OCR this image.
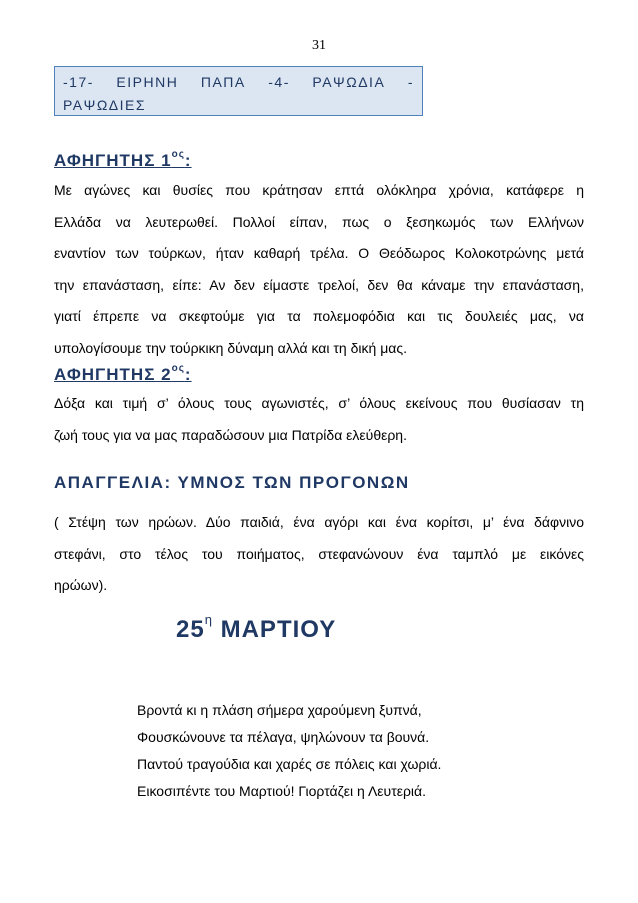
31
-17- ΕΙΡΗΝΗ ΠΑΠΑ -4- ΡΑΨΩΔΙΑ -
ΡΑΨΩΔΙΕΣ
ΑΦΗΓΗΤΗΣ $1^{o\varsigma}$:
Με αγώνες και θυσίες που κράτησαν επτά ολόκληρα χρόνια, κατάφερε η
Ελλάδα να λευτερωθεί. Πολλοί είπαν, πως ο ξεσηκωμός των Ελλήνων
εναντίον των τούρκων, ήταν καθαρή τρέλα. Ο Θεόδωρος Κολοκοτρώνης μετά
την επανάσταση, είπε: Αν δεν είμαστε τρελοί, δεν θα κάναμε την επανάσταση,
γιατί έπρεπε να σκεφτούμε για τα πολεμοφόδια και τις δουλειές μας, να
υπολογίσουμε την τούρκικη δύναμη αλλά και τη δική μας.
ΑΦΗΓΗΤΗΣ $2^{o\varsigma}$:
Δόξα και τιμή σ’ όλους τους αγωνιστές, σ’ όλους εκείνους που θυσίασαν τη
ζωή τους για να μας παραδώσουν μια Πατρίδα ελεύθερη.
ΑΠΑΓΓΕΛΙΑ: ΥΜΝΟΣ ΤΩΝ ΠΡΟΓΟΝΩΝ
( Στέψη των ηρώων. Δύο παιδιά, ένα αγόρι και ένα κορίτσι, μ’ ένα δάφνινο
στεφάνι, στο τέλος του ποιήματος, στεφανώνουν ένα ταμπλό με εικόνες
ηρώων).
$25^\eta$ ΜΑΡΤΙΟΥ
Βροντά κι η πλάση σήμερα χαρούμενη ξυπνά,
Φουσκώνουνε τα πέλαγα, ψηλώνουν τα βουνά.
Παντού τραγούδια και χαρές σε πόλεις και χωριά.
Εικοσιπέντε του Μαρτιού! Γιορτάζει η Λευτεριά.
